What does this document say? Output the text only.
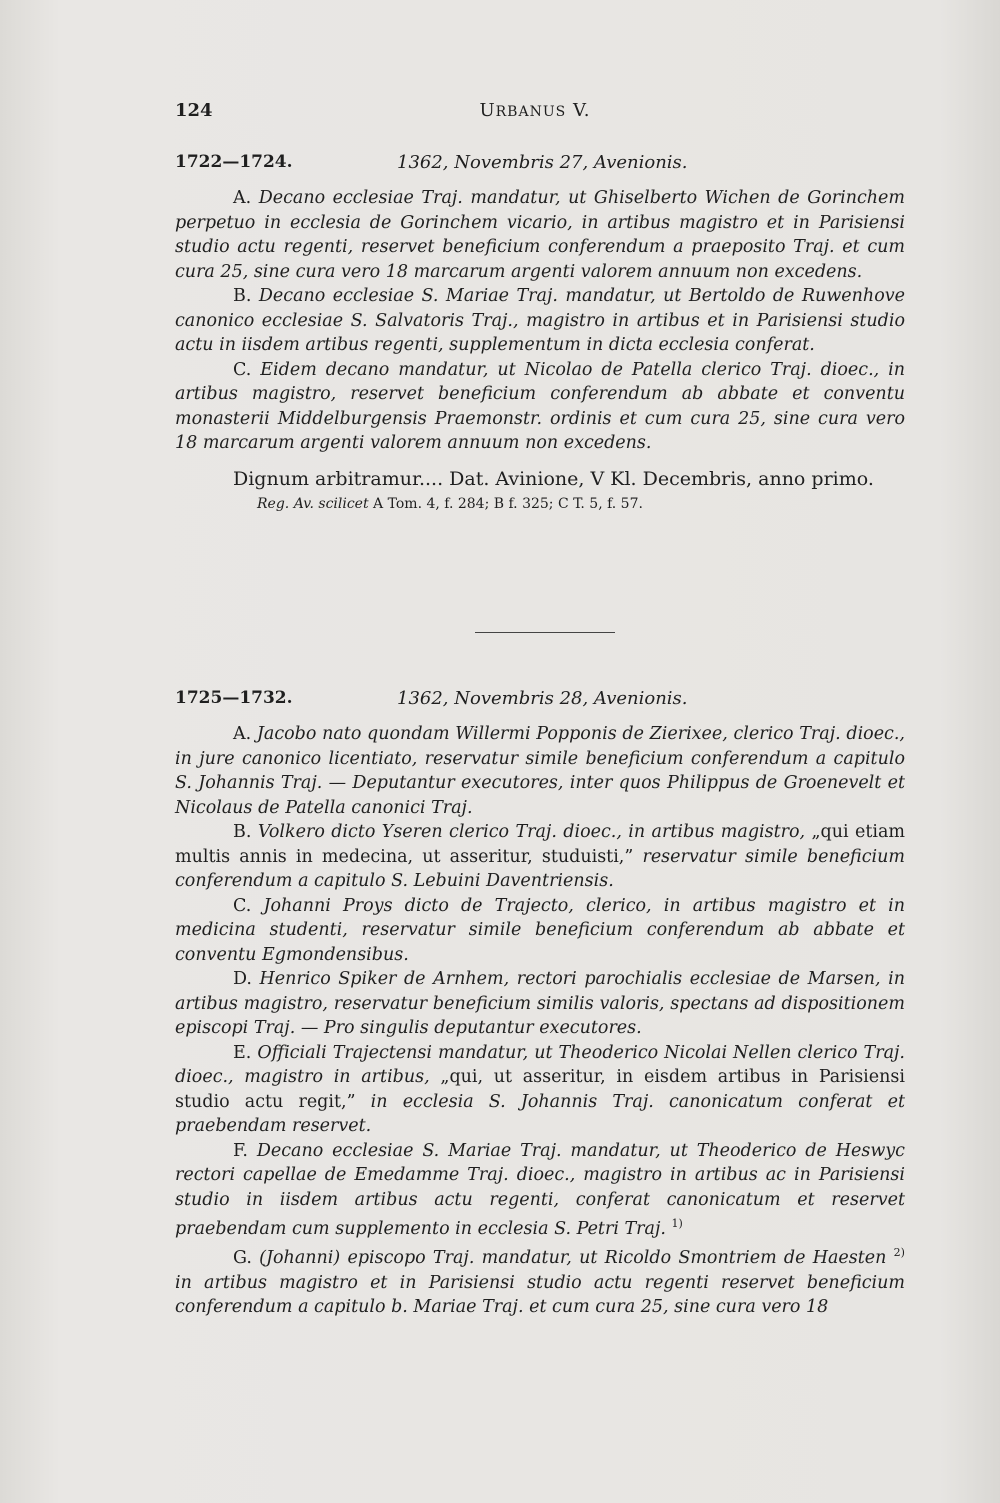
124	URBANUS V.
1722—1724.	1362, Novembris 27, Avenionis.

A. Decano ecclesiae Traj. mandatur, ut Ghiselberto Wichen de Gorinchem perpetuo in ecclesia de Gorinchem vicario, in artibus magistro et in Parisiensi studio actu regenti, reservet beneficium conferendum a praeposito Traj. et cum cura 25, sine cura vero 18 marcarum argenti valorem annuum non excedens.

B. Decano ecclesiae S. Mariae Traj. mandatur, ut Bertoldo de Ruwenhove canonico ecclesiae S. Salvatoris Traj., magistro in artibus et in Parisiensi studio actu in iisdem artibus regenti, supplementum in dicta ecclesia conferat.

C. Eidem decano mandatur, ut Nicolao de Patella clerico Traj. dioec., in artibus magistro, reservet beneficium conferendum ab abbate et conventu monasterii Middelburgensis Praemonstr. ordinis et cum cura 25, sine cura vero 18 marcarum argenti valorem annuum non excedens.

Dignum arbitramur.... Dat. Avinione, V Kl. Decembris, anno primo.

Reg. Av. scilicet A Tom. 4, f. 284; B f. 325; C T. 5, f. 57.

1725—1732.	1362, Novembris 28, Avenionis.

A. Jacobo nato quondam Willermi Popponis de Zierixee, clerico Traj. dioec., in jure canonico licentiato, reservatur simile beneficium conferendum a capitulo S. Johannis Traj. — Deputantur executores, inter quos Philippus de Groenevelt et Nicolaus de Patella canonici Traj.

B. Volkero dicto Yseren clerico Traj. dioec., in artibus magistro, „qui etiam multis annis in medecina, ut asseritur, studuisti,” reservatur simile beneficium conferendum a capitulo S. Lebuini Daventriensis.

C. Johanni Proys dicto de Trajecto, clerico, in artibus magistro et in medicina studenti, reservatur simile beneficium conferendum ab abbate et conventu Egmondensibus.

D. Henrico Spiker de Arnhem, rectori parochialis ecclesiae de Marsen, in artibus magistro, reservatur beneficium similis valoris, spectans ad dispositionem episcopi Traj. — Pro singulis deputantur executores.

E. Officiali Trajectensi mandatur, ut Theoderico Nicolai Nellen clerico Traj. dioec., magistro in artibus, „qui, ut asseritur, in eisdem artibus in Parisiensi studio actu regit,” in ecclesia S. Johannis Traj. canonicatum conferat et praebendam reservet.

F. Decano ecclesiae S. Mariae Traj. mandatur, ut Theoderico de Heswyc rectori capellae de Emedamme Traj. dioec., magistro in artibus ac in Parisiensi studio in iisdem artibus actu regenti, conferat canonicatum et reservet praebendam cum supplemento in ecclesia S. Petri Traj. $^{1)}$

G. (Johanni) episcopo Traj. mandatur, ut Ricoldo Smontriem de Haesten $^{2)}$ in artibus magistro et in Parisiensi studio actu regenti reservet beneficium conferendum a capitulo b. Mariae Traj. et cum cura 25, sine cura vero 18
